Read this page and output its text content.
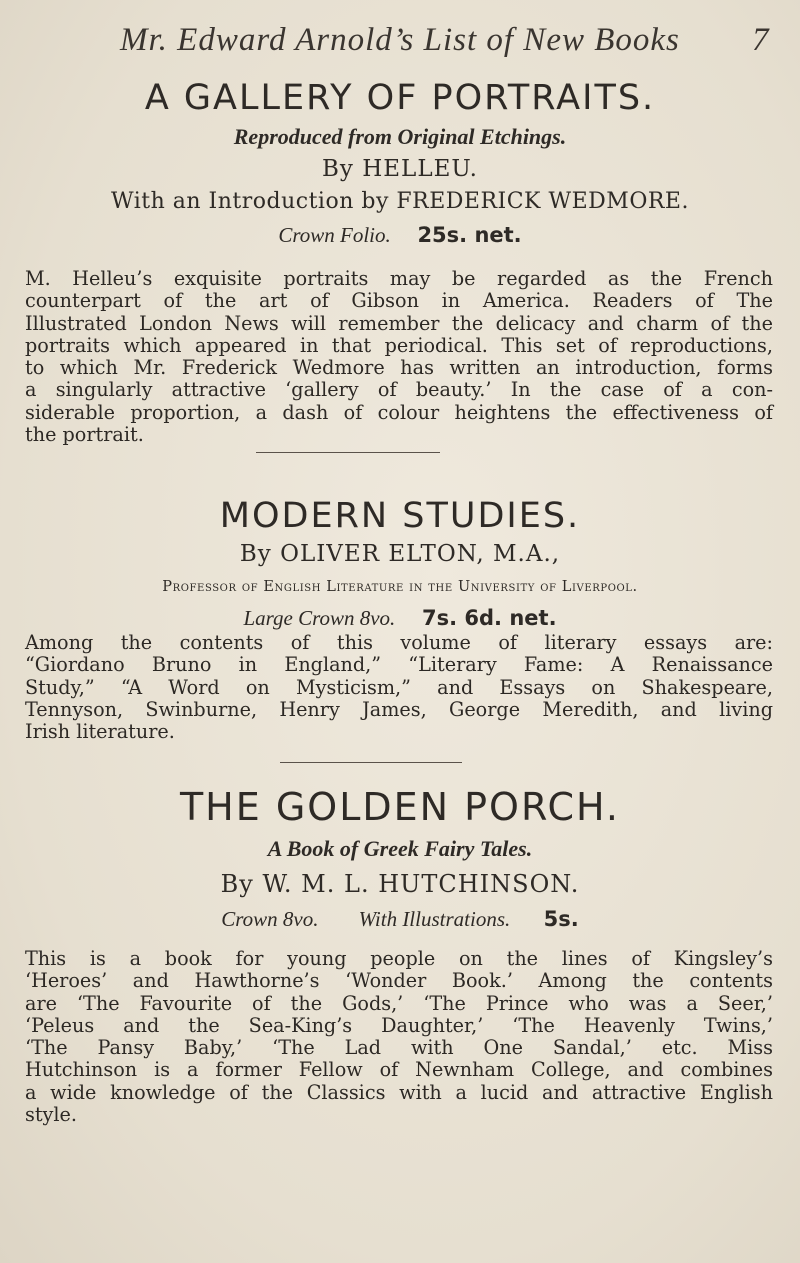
Mr. Edward Arnold’s List of New Books 7
A GALLERY OF PORTRAITS.
Reproduced from Original Etchings.
By HELLEU.
With an Introduction by FREDERICK WEDMORE.
Crown Folio. 25s. net.
M. Helleu’s exquisite portraits may be regarded as the French
counterpart of the art of Gibson in America. Readers of The
Illustrated London News will remember the delicacy and charm of the
portraits which appeared in that periodical. This set of reproductions,
to which Mr. Frederick Wedmore has written an introduction, forms
a singularly attractive ‘gallery of beauty.’ In the case of a con-
siderable proportion, a dash of colour heightens the effectiveness of
the portrait.
MODERN STUDIES.
By OLIVER ELTON, M.A.,
Professor of English Literature in the University of Liverpool.
Large Crown 8vo. 7s. 6d. net.
Among the contents of this volume of literary essays are:
“Giordano Bruno in England,” “Literary Fame: A Renaissance
Study,” “A Word on Mysticism,” and Essays on Shakespeare,
Tennyson, Swinburne, Henry James, George Meredith, and living
Irish literature.
THE GOLDEN PORCH.
A Book of Greek Fairy Tales.
By W. M. L. HUTCHINSON.
Crown 8vo. With Illustrations. 5s.
This is a book for young people on the lines of Kingsley’s
‘Heroes’ and Hawthorne’s ‘Wonder Book.’ Among the contents
are ‘The Favourite of the Gods,’ ‘The Prince who was a Seer,’
‘Peleus and the Sea-King’s Daughter,’ ‘The Heavenly Twins,’
‘The Pansy Baby,’ ‘The Lad with One Sandal,’ etc. Miss
Hutchinson is a former Fellow of Newnham College, and combines
a wide knowledge of the Classics with a lucid and attractive English
style.
